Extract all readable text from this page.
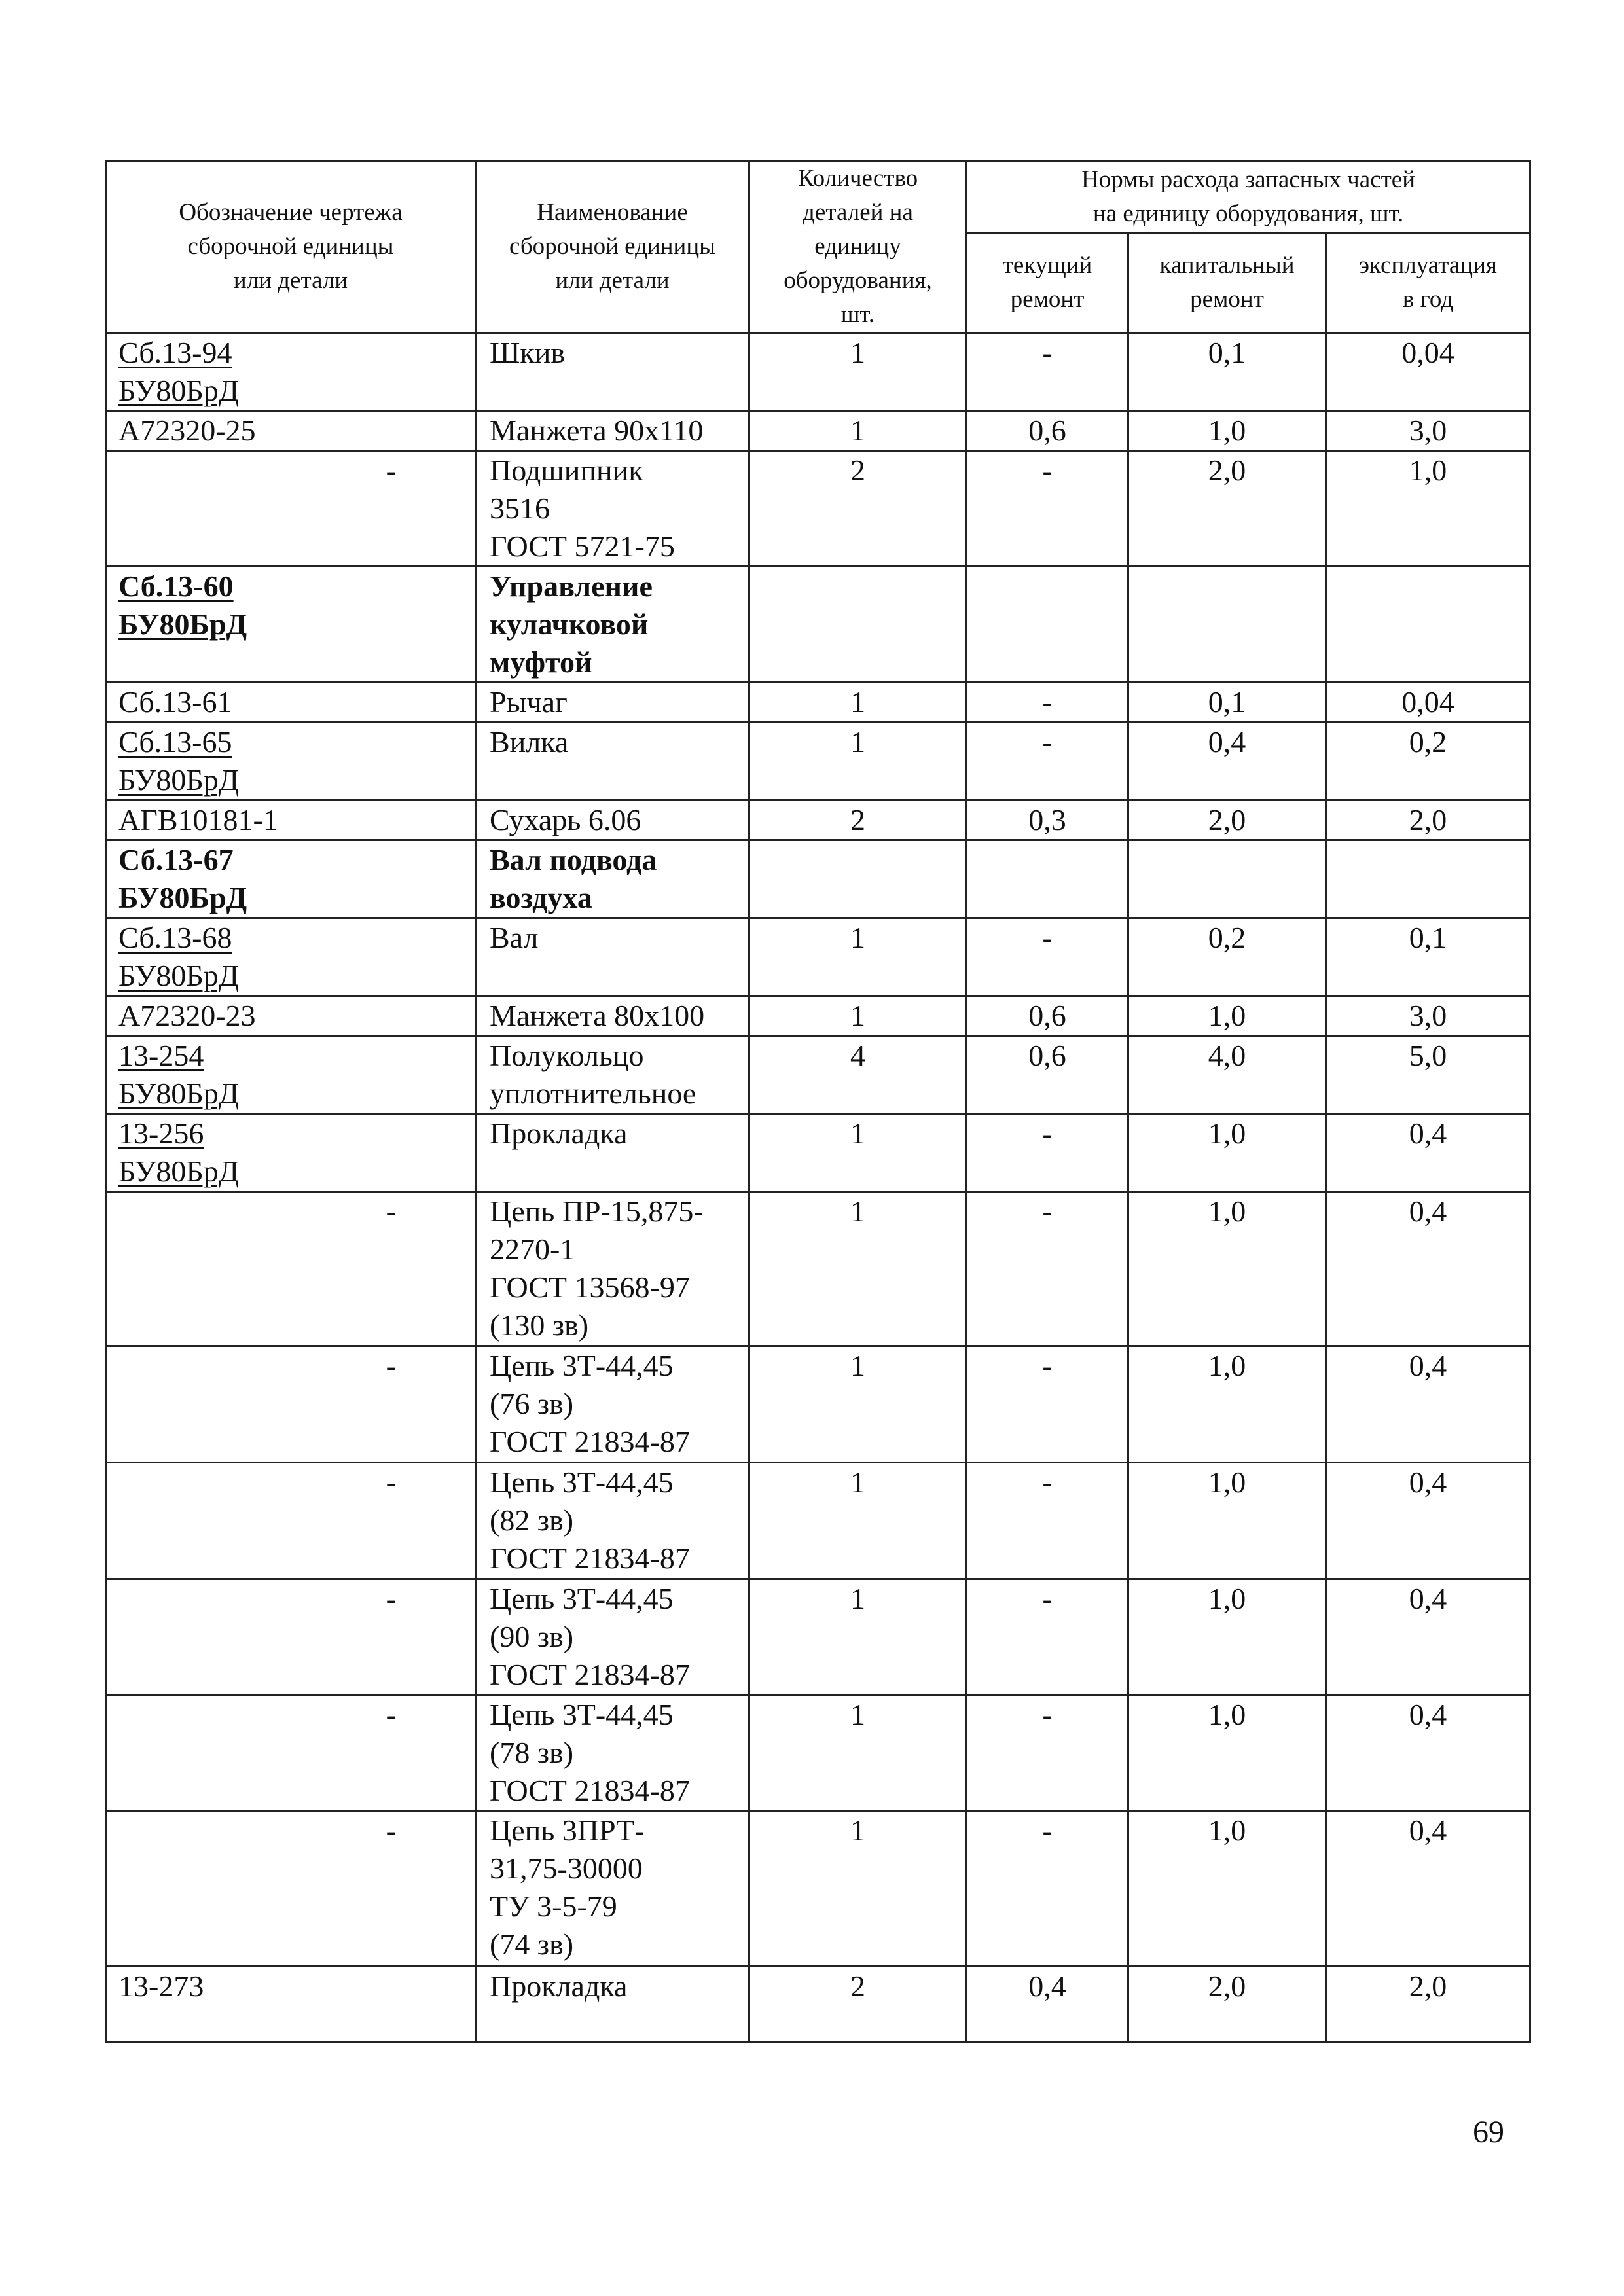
Обозначение чертежа
сборочной единицы
или детали	Наименование
сборочной единицы
или детали	Количество
деталей на
единицу
оборудования,
шт.	Нормы расхода запасных частей
на единицу оборудования, шт.		
			текущий
ремонт	капитальный
ремонт	эксплуатация
в год
Сб.13-94
БУ80БрД	Шкив	1	-	0,1	0,04
А72320-25	Манжета 90х110	1	0,6	1,0	3,0
-	Подшипник
3516
ГОСТ 5721-75	2	-	2,0	1,0
Сб.13-60
БУ80БрД	Управление
кулачковой
муфтой				
Сб.13-61	Рычаг	1	-	0,1	0,04
Сб.13-65
БУ80БрД	Вилка	1	-	0,4	0,2
АГВ10181-1	Сухарь 6.06	2	0,3	2,0	2,0
Сб.13-67
БУ80БрД	Вал подвода
воздуха				
Сб.13-68
БУ80БрД	Вал	1	-	0,2	0,1
А72320-23	Манжета 80х100	1	0,6	1,0	3,0
13-254
БУ80БрД	Полукольцо
уплотнительное	4	0,6	4,0	5,0
13-256
БУ80БрД	Прокладка	1	-	1,0	0,4
-	Цепь ПР-15,875-
2270-1
ГОСТ 13568-97
(130 зв)	1	-	1,0	0,4
-	Цепь 3Т-44,45
(76 зв)
ГОСТ 21834-87	1	-	1,0	0,4
-	Цепь 3Т-44,45
(82 зв)
ГОСТ 21834-87	1	-	1,0	0,4
-	Цепь 3Т-44,45
(90 зв)
ГОСТ 21834-87	1	-	1,0	0,4
-	Цепь 3Т-44,45
(78 зв)
ГОСТ 21834-87	1	-	1,0	0,4
-	Цепь 3ПРТ-
31,75-30000
ТУ 3-5-79
(74 зв)	1	-	1,0	0,4
13-273	Прокладка	2	0,4	2,0	2,0
69
